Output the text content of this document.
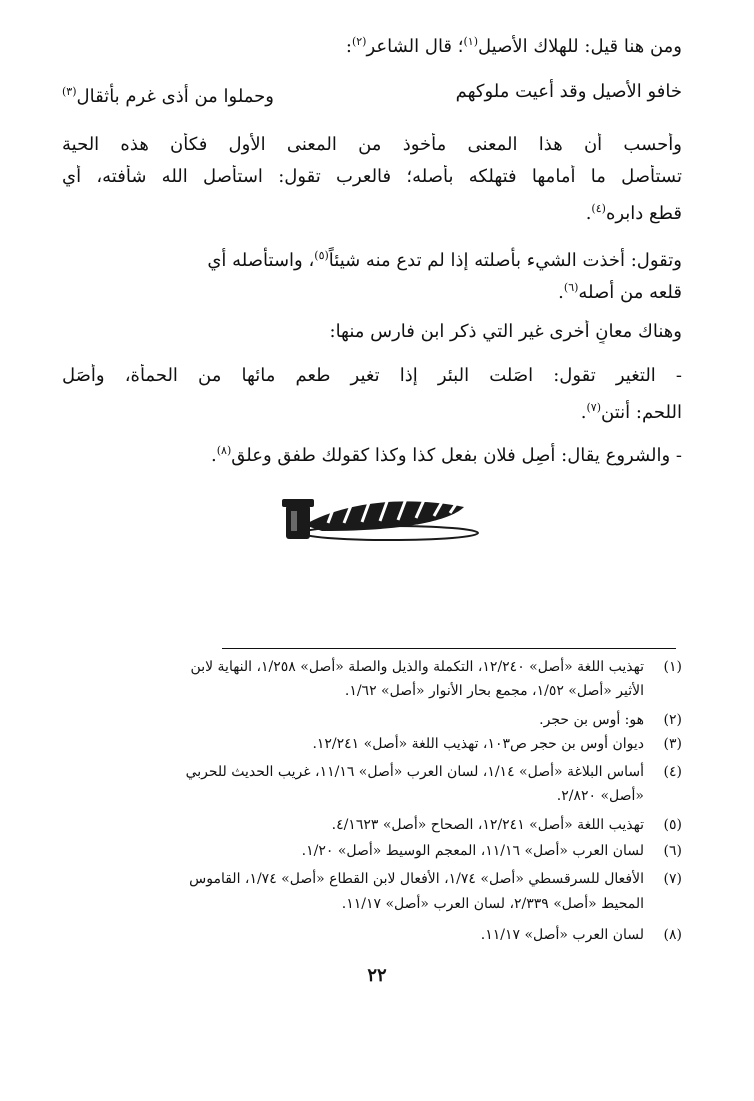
ومن هنا قيل: للهلاك الأصيل$^{(١)}$؛ قال الشاعر$^{(٢)}$:
خافو الأصيل وقد أعيت ملوكهم
وحملوا من أذى غرم بأثقال$^{(٣)}$
وأحسب أن هذا المعنى مأخوذ من المعنى الأول فكأن هذه الحية
تستأصل ما أمامها فتهلكه بأصله؛ فالعرب تقول: استأصل الله شأفته، أي
قطع دابره$^{(٤)}$.
وتقول: أخذت الشيء بأصلته إذا لم تدع منه شيئاً$^{(٥)}$، واستأصله أي
قلعه من أصله$^{(٦)}$.
وهناك معانٍ أخرى غير التي ذكر ابن فارس منها:
- التغير تقول: اصَلت البئر إذا تغير طعم مائها من الحمأة، وأصَل
اللحم: أنتن$^{(٧)}$.
- والشروع يقال: أصِل فلان بفعل كذا وكذا كقولك طفق وعلق$^{(٨)}$.
(١)تهذيب اللغة «أصل» ١٢/٢٤٠، التكملة والذيل والصلة «أصل» ١/٢٥٨، النهاية لابن
الأثير «أصل» ١/٥٢، مجمع بحار الأنوار «أصل» ١/٦٢.
(٢)هو: أوس بن حجر.
(٣)ديوان أوس بن حجر ص١٠٣، تهذيب اللغة «أصل» ١٢/٢٤١.
(٤)أساس البلاغة «أصل» ١/١٤، لسان العرب «أصل» ١١/١٦، غريب الحديث للحربي
«أصل» ٢/٨٢٠.
(٥)تهذيب اللغة «أصل» ١٢/٢٤١، الصحاح «أصل» ٤/١٦٢٣.
(٦)لسان العرب «أصل» ١١/١٦، المعجم الوسيط «أصل» ١/٢٠.
(٧)الأفعال للسرقسطي «أصل» ١/٧٤، الأفعال لابن القطاع «أصل» ١/٧٤، القاموس
المحيط «أصل» ٢/٣٣٩، لسان العرب «أصل» ١١/١٧.
(٨)لسان العرب «أصل» ١١/١٧.
٢٢
